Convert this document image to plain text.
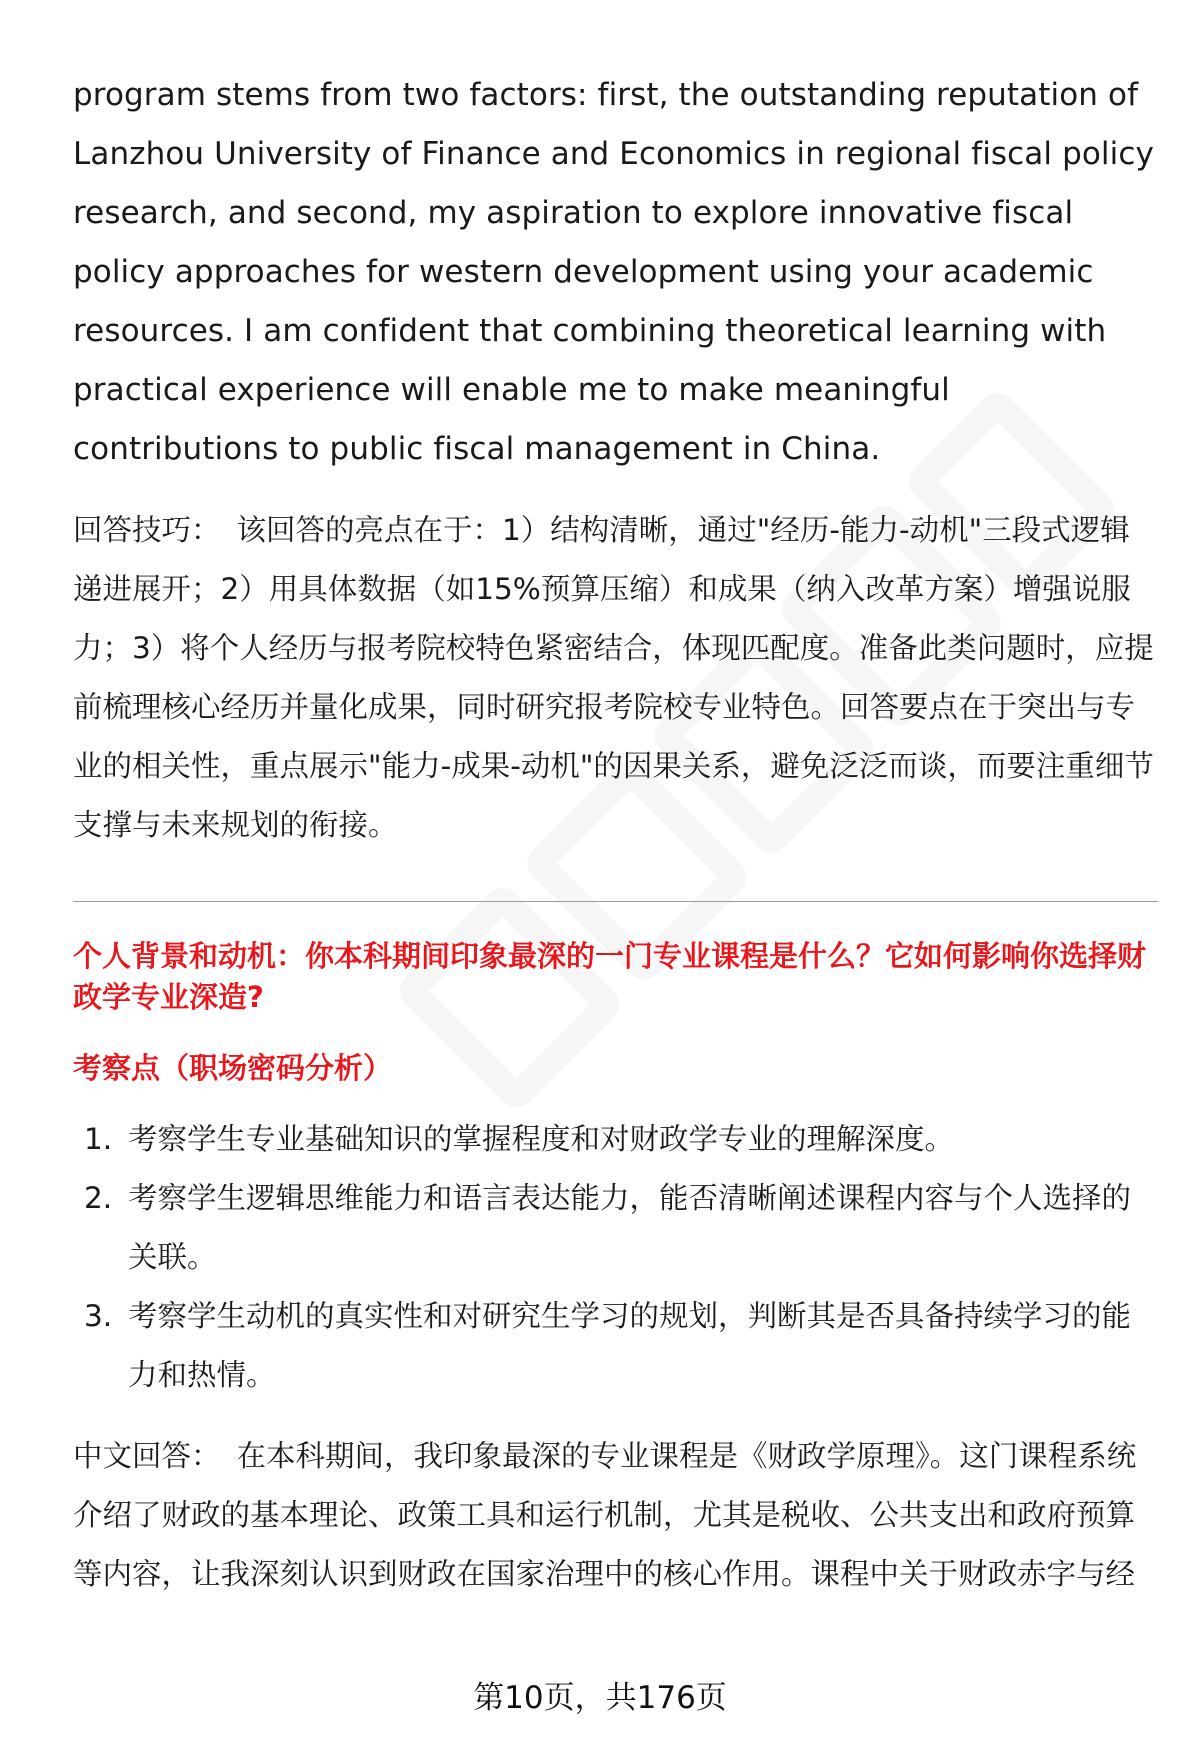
program stems from two factors: first, the outstanding reputation of Lanzhou University of Finance and Economics in regional fiscal policy research, and second, my aspiration to explore innovative fiscal policy approaches for western development using your academic resources. I am confident that combining theoretical learning with practical experience will enable me to make meaningful contributions to public fiscal management in China.

回答技巧： 该回答的亮点在于：1）结构清晰，通过"经历-能力-动机"三段式逻辑递进展开；2）用具体数据（如15%预算压缩）和成果（纳入改革方案）增强说服力；3）将个人经历与报考院校特色紧密结合，体现匹配度。准备此类问题时，应提前梳理核心经历并量化成果，同时研究报考院校专业特色。回答要点在于突出与专业的相关性，重点展示"能力-成果-动机"的因果关系，避免泛泛而谈，而要注重细节支撑与未来规划的衔接。

个人背景和动机：你本科期间印象最深的一门专业课程是什么？它如何影响你选择财政学专业深造?
考察点（职场密码分析）
1. 考察学生专业基础知识的掌握程度和对财政学专业的理解深度。
2. 考察学生逻辑思维能力和语言表达能力，能否清晰阐述课程内容与个人选择的关联。
3. 考察学生动机的真实性和对研究生学习的规划，判断其是否具备持续学习的能力和热情。

中文回答： 在本科期间，我印象最深的专业课程是《财政学原理》。这门课程系统介绍了财政的基本理论、政策工具和运行机制，尤其是税收、公共支出和政府预算等内容，让我深刻认识到财政在国家治理中的核心作用。课程中关于财政赤字与经

第10页，共176页
